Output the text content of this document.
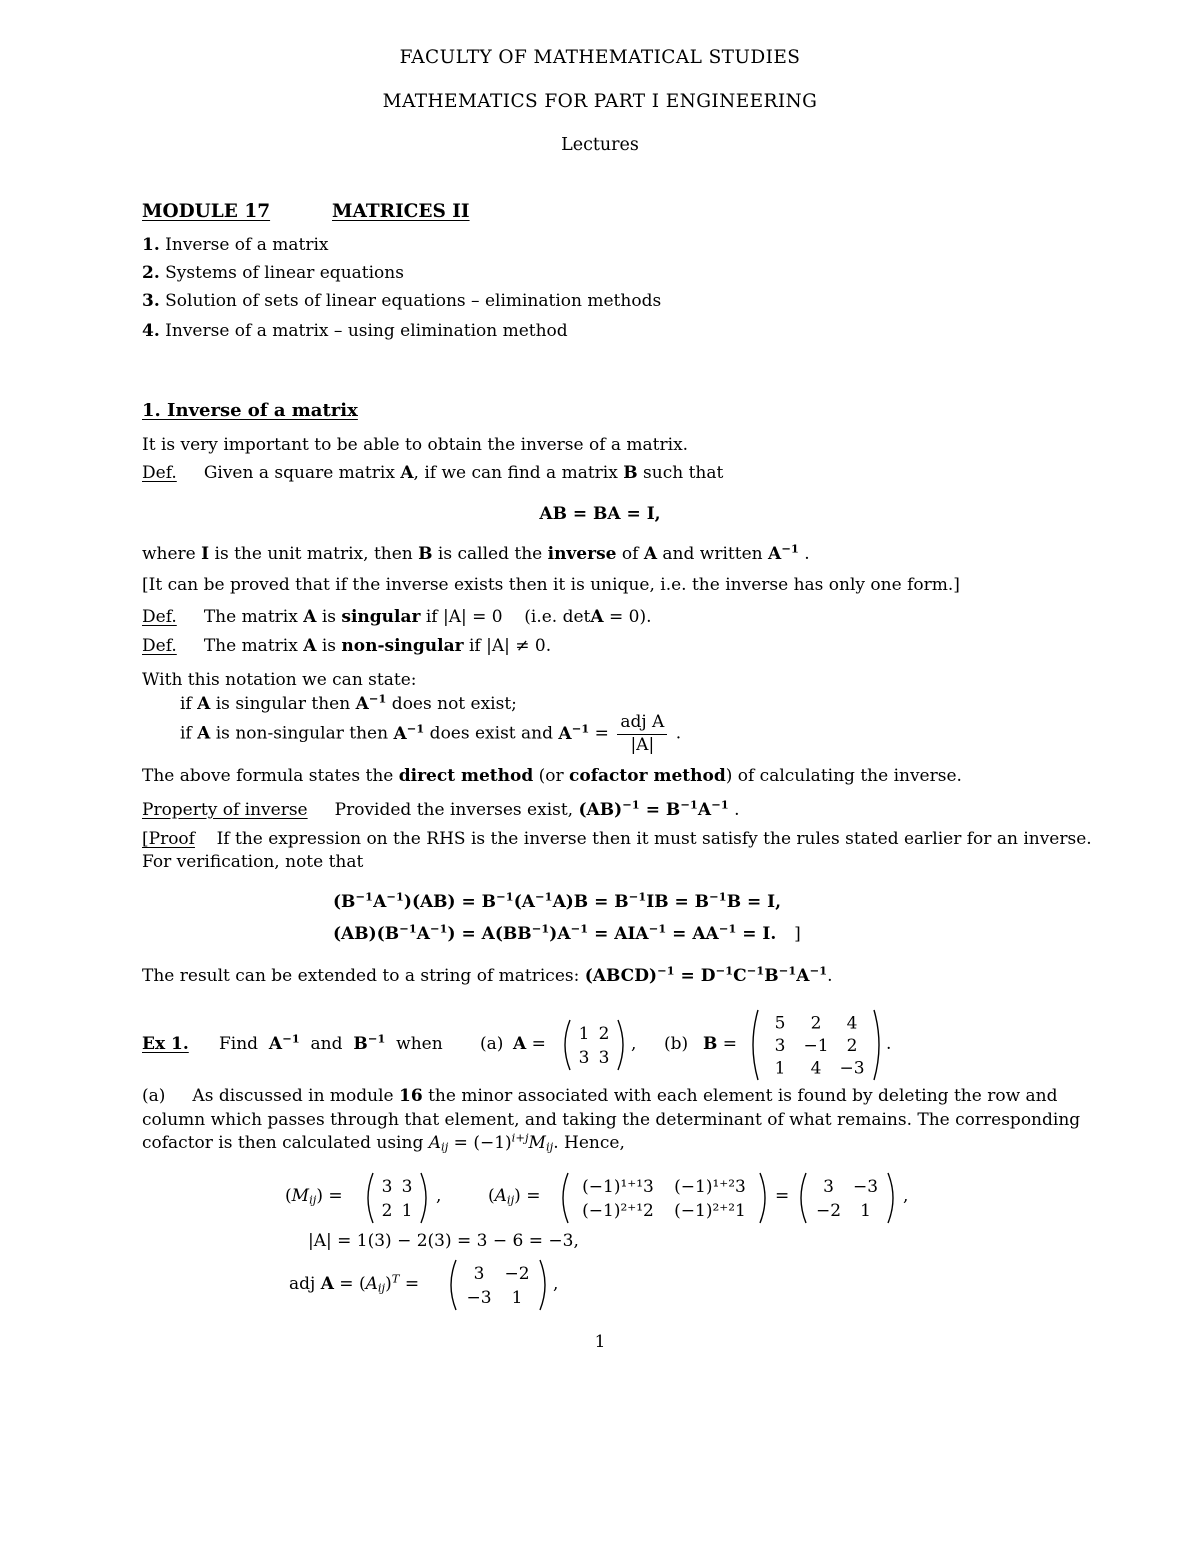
FACULTY OF MATHEMATICAL STUDIES
MATHEMATICS FOR PART I ENGINEERING
Lectures
MODULE 17	MATRICES II
1. Inverse of a matrix
2. Systems of linear equations
3. Solution of sets of linear equations – elimination methods
4. Inverse of a matrix – using elimination method
1. Inverse of a matrix
It is very important to be able to obtain the inverse of a matrix.
Def. Given a square matrix A, if we can find a matrix B such that
AB = BA = I,
where I is the unit matrix, then B is called the inverse of A and written $A^{-1}$ .
[It can be proved that if the inverse exists then it is unique, i.e. the inverse has only one form.]
Def. The matrix A is singular if |A| = 0 (i.e. detA = 0).
Def. The matrix A is non-singular if |A| ≠ 0.
With this notation we can state:
if A is singular then $A^{-1}$ does not exist;
if A is non-singular then $A^{-1}$ does exist and $A^{-1} = \frac{\text{adj A}}{|A|}$ .
The above formula states the direct method (or cofactor method) of calculating the inverse.
Property of inverse Provided the inverses exist, $(AB)^{-1} = B^{-1}A^{-1}$ .
[Proof If the expression on the RHS is the inverse then it must satisfy the rules stated earlier for an inverse.
For verification, note that
$(B^{-1}A^{-1})(AB) = B^{-1}(A^{-1}A)B = B^{-1}IB = B^{-1}B = I$,
$(AB)(B^{-1}A^{-1}) = A(BB^{-1})A^{-1} = AIA^{-1} = AA^{-1} = I$.   ]
The result can be extended to a string of matrices: (ABCD)$^{-1}$ = $D^{-1}C^{-1}B^{-1}A^{-1}$.
Ex 1. Find $A^{-1}$ and $B^{-1}$ when (a) A = 1 2
3 3
, (b) B =
5 2 4
3 −1 2
1 4 −3
.
(a)     As discussed in module 16 the minor associated with each element is found by deleting the row and
column which passes through that element, and taking the determinant of what remains. The corresponding
cofactor is then calculated using $A_{ij} = (-1)^{i+j}M_{ij}$. Hence,
$(M_{ij}) = 3$ 3
2 1
,	$(A_{ij}) = (-1)^{1+1}3$ (−1)¹⁺²3
(−1)²⁺¹2 (−1)²⁺²1
= 3 −3
−2 1
,
|A| = 1(3) − 2(3) = 3 − 6 = −3,
adj $A = (A_{ij})^T$ =	3 −2
−3 1
,
1
